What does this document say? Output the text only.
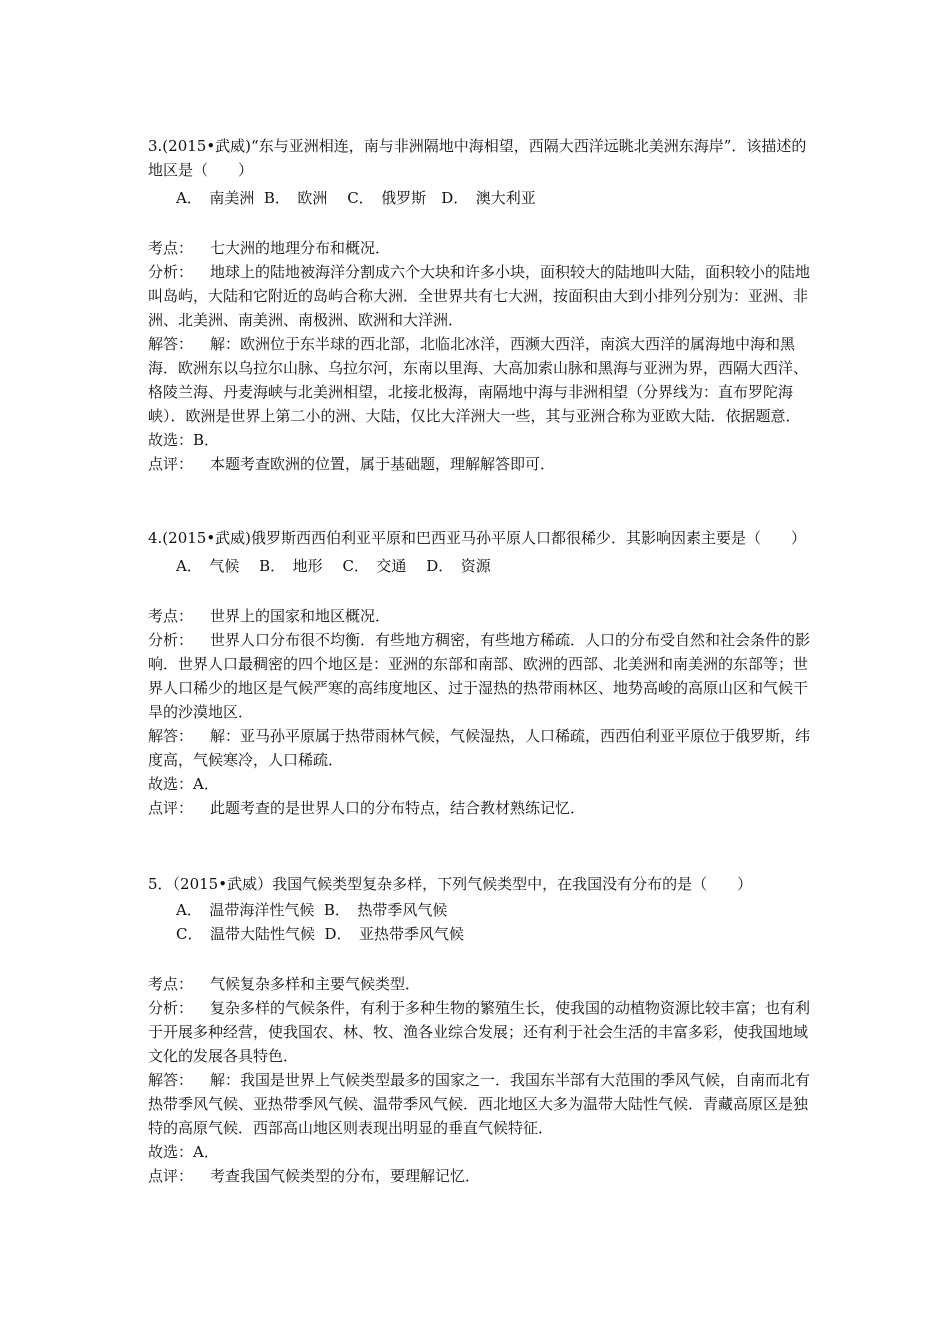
3.(2015•武威)“东与亚洲相连，南与非洲隔地中海相望，西隔大西洋远眺北美洲东海岸”．该描述的地区是（　　）

A．　南美洲 B．　欧洲　 C．　俄罗斯　 D．　澳大利亚
考点：	七大洲的地理分布和概况．
分析：	地球上的陆地被海洋分割成六个大块和许多小块，面积较大的陆地叫大陆，面积较小的陆地叫岛屿，大陆和它附近的岛屿合称大洲．全世界共有七大洲，按面积由大到小排列分别为：亚洲、非洲、北美洲、南美洲、南极洲、欧洲和大洋洲．
解答：	解：欧洲位于东半球的西北部，北临北冰洋，西濒大西洋，南滨大西洋的属海地中海和黑海．欧洲东以乌拉尔山脉、乌拉尔河，东南以里海、大高加索山脉和黑海与亚洲为界，西隔大西洋、格陵兰海、丹麦海峡与北美洲相望，北接北极海，南隔地中海与非洲相望（分界线为：直布罗陀海峡）．欧洲是世界上第二小的洲、大陆，仅比大洋洲大一些，其与亚洲合称为亚欧大陆．依据题意．
故选：B．
点评：	本题考查欧洲的位置，属于基础题，理解解答即可．

4.(2015•武威)俄罗斯西西伯利亚平原和巴西亚马孙平原人口都很稀少．其影响因素主要是（　　）

A．　气候　 B．　地形　 C．　交通　 D．　资源
考点：	世界上的国家和地区概况．
分析：	世界人口分布很不均衡．有些地方稠密，有些地方稀疏．人口的分布受自然和社会条件的影响．世界人口最稠密的四个地区是：亚洲的东部和南部、欧洲的西部、北美洲和南美洲的东部等；世界人口稀少的地区是气候严寒的高纬度地区、过于湿热的热带雨林区、地势高峻的高原山区和气候干旱的沙漠地区．
解答：	解：亚马孙平原属于热带雨林气候，气候湿热，人口稀疏，西西伯利亚平原位于俄罗斯，纬度高，气候寒冷，人口稀疏．
故选：A．
点评：	此题考查的是世界人口的分布特点，结合教材熟练记忆．

5．（2015•武威）我国气候类型复杂多样，下列气候类型中，在我国没有分布的是（　　）

A．　温带海洋性气候 B．　热带季风气候
C．　温带大陆性气候 D．　亚热带季风气候
考点：	气候复杂多样和主要气候类型．
分析：	复杂多样的气候条件，有利于多种生物的繁殖生长，使我国的动植物资源比较丰富；也有利于开展多种经营，使我国农、林、牧、渔各业综合发展；还有利于社会生活的丰富多彩，使我国地域文化的发展各具特色．
解答：	解：我国是世界上气候类型最多的国家之一．我国东半部有大范围的季风气候，自南而北有热带季风气候、亚热带季风气候、温带季风气候．西北地区大多为温带大陆性气候．青藏高原区是独特的高原气候．西部高山地区则表现出明显的垂直气候特征．
故选：A．
点评：	考查我国气候类型的分布，要理解记忆．
